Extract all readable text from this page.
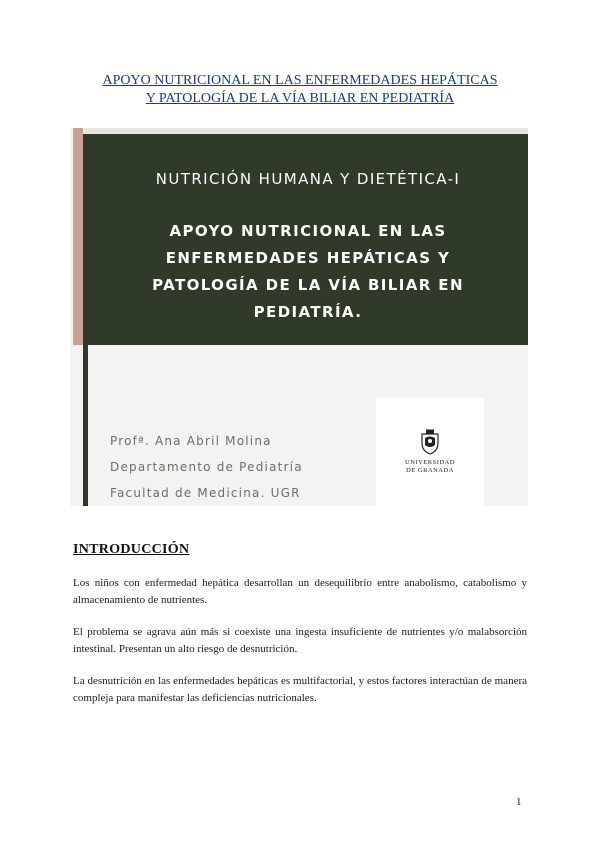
APOYO NUTRICIONAL EN LAS ENFERMEDADES HEPÁTICAS
Y PATOLOGÍA DE LA VÍA BILIAR EN PEDIATRÍA
NUTRICIÓN HUMANA Y DIETÉTICA-I
APOYO NUTRICIONAL EN LAS ENFERMEDADES HEPÁTICAS Y PATOLOGÍA DE LA VÍA BILIAR EN PEDIATRÍA.
Profª. Ana Abril Molina
Departamento de Pediatría
Facultad de Medicina. UGR
UNIVERSIDAD
DE GRANADA
INTRODUCCIÓN

Los niños con enfermedad hepática desarrollan un desequilibrio entre anabolismo, catabolismo y almacenamiento de nutrientes.

El problema se agrava aún más si coexiste una ingesta insuficiente de nutrientes y/o malabsorción intestinal. Presentan un alto riesgo de desnutrición.

La desnutrición en las enfermedades hepáticas es multifactorial, y estos factores interactúan de manera compleja para manifestar las deficiencias nutricionales.

1
